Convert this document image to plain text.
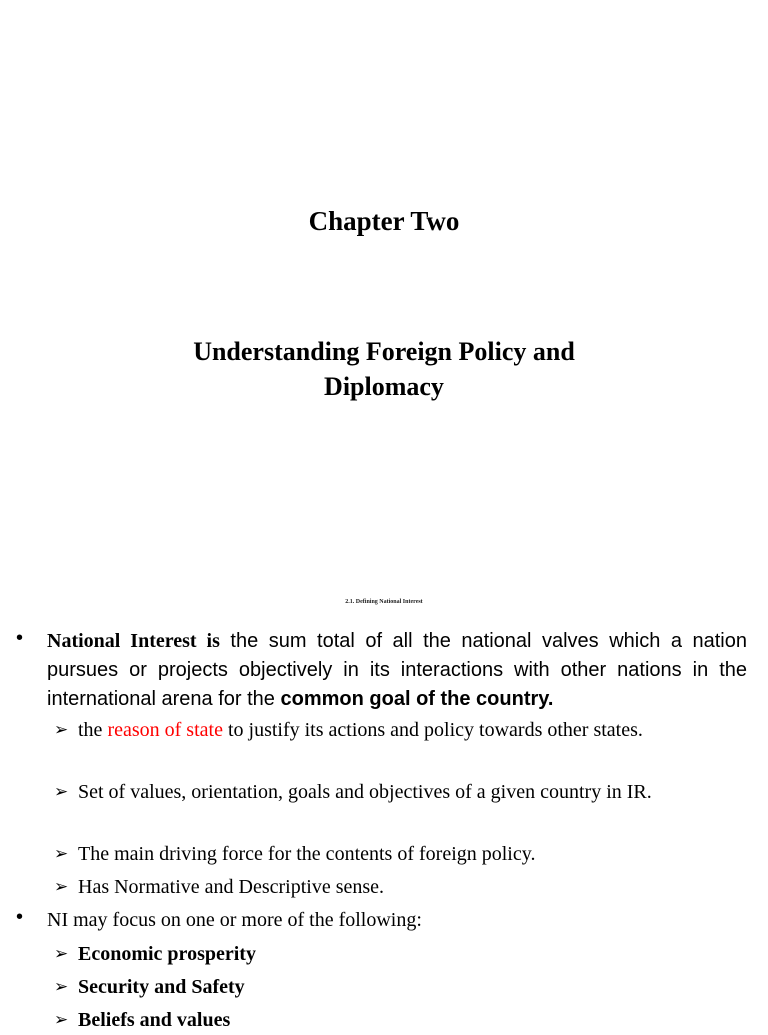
Chapter Two
Understanding Foreign Policy and Diplomacy
2.1. Defining National Interest
• National Interest is the sum total of all the national valves which a nation pursues or projects objectively in its interactions with other nations in the international arena for the common goal of the country.
➢ the reason of state to justify its actions and policy towards other states.
➢ Set of values, orientation, goals and objectives of a given country in IR.
➢ The main driving force for the contents of foreign policy.
➢ Has Normative and Descriptive sense.
• NI may focus on one or more of the following:
➢ Economic prosperity
➢ Security and Safety
➢ Beliefs and values
